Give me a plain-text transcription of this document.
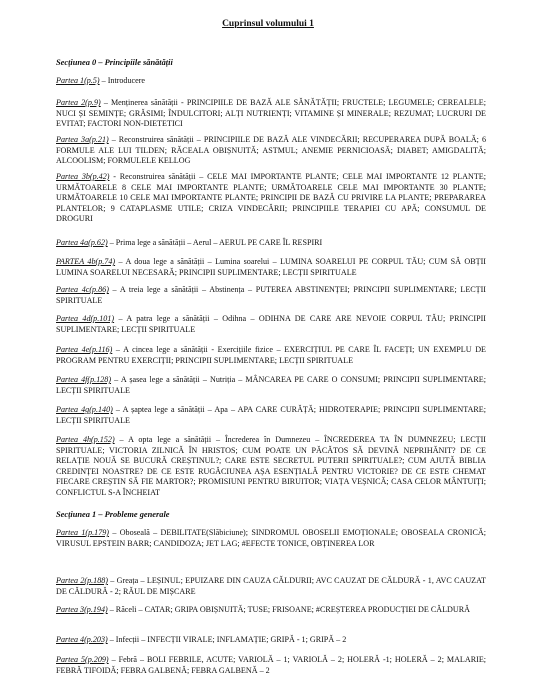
Cuprinsul volumului 1
Secțiunea 0 – Principiile sănătății
Partea 1(p.5) – Introducere
Partea 2(p.9) – Menținerea sănătății - PRINCIPIILE DE BAZĂ ALE SĂNĂTĂȚII; FRUCTELE; LEGUMELE; CEREALELE; NUCI ȘI SEMINȚE; GRĂSIMI; ÎNDULCITORI; ALȚI NUTRIENȚI; VITAMINE ȘI MINERALE; REZUMAT; LUCRURI DE EVITAT; FACTORI NON-DIETETICI
Partea 3a(p.21) – Reconstruirea sănătății – PRINCIPIILE DE BAZĂ ALE VINDECĂRII; RECUPERAREA DUPĂ BOALĂ; 6 FORMULE ALE LUI TILDEN; RĂCEALA OBIȘNUITĂ; ASTMUL; ANEMIE PERNICIOASĂ; DIABET; AMIGDALITĂ; ALCOOLISM; FORMULELE KELLOG
Partea 3b(p.42) - Reconstruirea sănătății – CELE MAI IMPORTANTE PLANTE; CELE MAI IMPORTANTE 12 PLANTE; URMĂTOARELE 8 CELE MAI IMPORTANTE PLANTE; URMĂTOARELE CELE MAI IMPORTANTE 30 PLANTE; URMĂTOARELE 10 CELE MAI IMPORTANTE PLANTE; PRINCIPII DE BAZĂ CU PRIVIRE LA PLANTE; PREPARAREA PLANTELOR; 9 CATAPLASME UTILE; CRIZA VINDECĂRII; PRINCIPIILE TERAPIEI CU APĂ; CONSUMUL DE DROGURI
Partea 4a(p.62) – Prima lege a sănătății – Aerul – AERUL PE CARE ÎL RESPIRI
PARTEA 4b(p.74) – A doua lege a sănătății – Lumina soarelui – LUMINA SOARELUI PE CORPUL TĂU; CUM SĂ OBȚII LUMINA SOARELUI NECESARĂ; PRINCIPII SUPLIMENTARE; LECȚII SPIRITUALE
Partea 4c(p.86) – A treia lege a sănătății – Abstinența – PUTEREA ABSTINENȚEI; PRINCIPII SUPLIMENTARE; LECȚII SPIRITUALE
Partea 4d(p.101) – A patra lege a sănătății – Odihna – ODIHNA DE CARE ARE NEVOIE CORPUL TĂU; PRINCIPII SUPLIMENTARE; LECȚII SPIRITUALE
Partea 4e(p.116) – A cincea lege a sănătății - Exercițiile fizice – EXERCIȚIUL PE CARE ÎL FACEȚI; UN EXEMPLU DE PROGRAM PENTRU EXERCIȚII; PRINCIPII SUPLIMENTARE; LECȚII SPIRITUALE
Partea 4f(p.128) – A șasea lege a sănătății – Nutriția – MÂNCAREA PE CARE O CONSUMI; PRINCIPII SUPLIMENTARE; LECȚII SPIRITUALE
Partea 4g(p.140) – A șaptea lege a sănătății – Apa – APA CARE CURĂȚĂ; HIDROTERAPIE; PRINCIPII SUPLIMENTARE; LECȚII SPIRITUALE
Partea 4h(p.152) – A opta lege a sănătății – Încrederea în Dumnezeu – ÎNCREDEREA TA ÎN DUMNEZEU; LECȚII SPIRITUALE; VICTORIA ZILNICĂ ÎN HRISTOS; CUM POATE UN PĂCĂTOS SĂ DEVINĂ NEPRIHĂNIT? DE CE RELAȚIE NOUĂ SE BUCURĂ CREȘTINUL?; CARE ESTE SECRETUL PUTERII SPIRITUALE?; CUM AJUTĂ BIBLIA CREDINȚEI NOASTRE? DE CE ESTE RUGĂCIUNEA AȘA ESENȚIALĂ PENTRU VICTORIE? DE CE ESTE CHEMAT FIECARE CREȘTIN SĂ FIE MARTOR?; PROMISIUNI PENTRU BIRUITOR; VIAȚA VEȘNICĂ; CASA CELOR MÂNTUIȚI; CONFLICTUL S-A ÎNCHEIAT
Secțiunea 1 – Probleme generale
Partea 1(p.179) – Oboseală – DEBILITATE(Slăbiciune); SINDROMUL OBOSELII EMOȚIONALE; OBOSEALA CRONICĂ; VIRUSUL EPSTEIN BARR; CANDIDOZA; JET LAG; #EFECTE TONICE, OBȚINEREA LOR
Partea 2(p.188) – Greața – LEȘINUL; EPUIZARE DIN CAUZA CĂLDURII; AVC CAUZAT DE CĂLDURĂ - 1, AVC CAUZAT DE CĂLDURĂ - 2; RĂUL DE MIȘCARE
Partea 3(p.194) – Răceli – CATAR; GRIPA OBIȘNUITĂ; TUSE; FRISOANE; #CREȘTEREA PRODUCȚIEI DE CĂLDURĂ
Partea 4(p.203) – Infecții – INFECȚII VIRALE; INFLAMAȚIE; GRIPĂ - 1; GRIPĂ – 2
Partea 5(p.209) – Febră – BOLI FEBRILE, ACUTE; VARIOLĂ – 1; VARIOLĂ – 2; HOLERĂ -1; HOLERĂ – 2; MALARIE; FEBRĂ TIFOIDĂ; FEBRA GALBENĂ; FEBRA GALBENĂ – 2
